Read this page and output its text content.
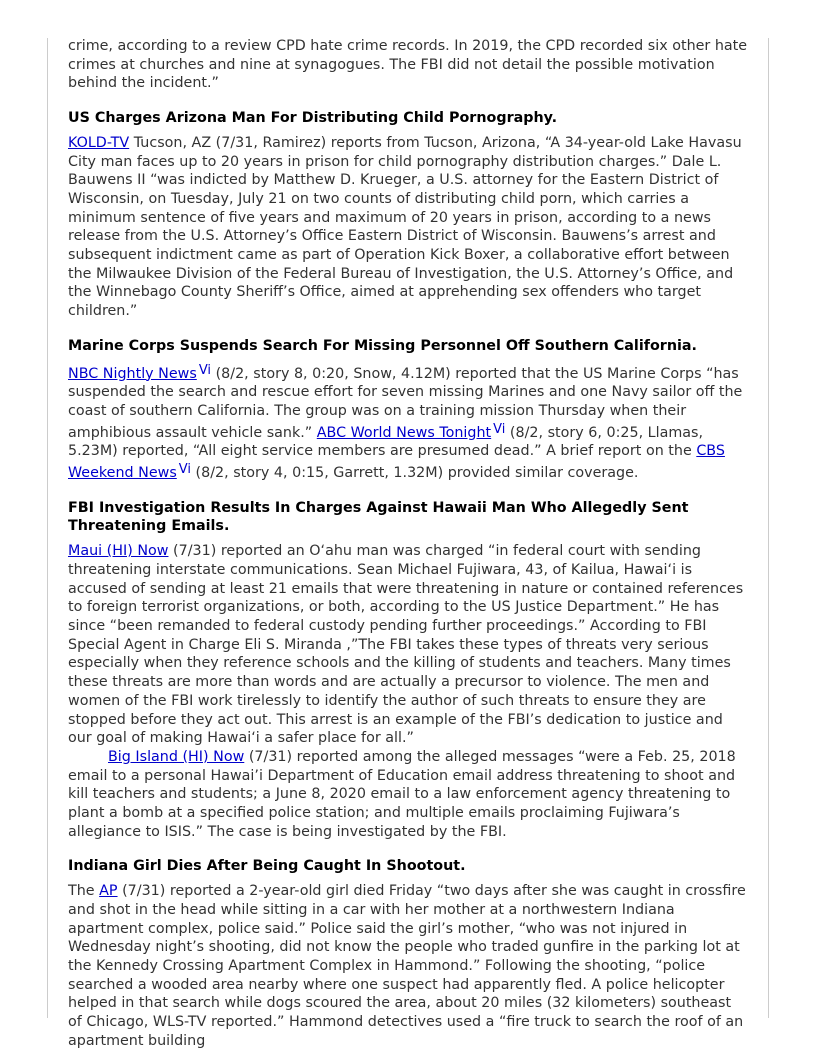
crime, according to a review CPD hate crime records. In 2019, the CPD recorded six other hate crimes at churches and nine at synagogues. The FBI did not detail the possible motivation behind the incident.”

US Charges Arizona Man For Distributing Child Pornography.

KOLD-TV Tucson, AZ (7/31, Ramirez) reports from Tucson, Arizona, “A 34-year-old Lake Havasu City man faces up to 20 years in prison for child pornography distribution charges.” Dale L. Bauwens II “was indicted by Matthew D. Krueger, a U.S. attorney for the Eastern District of Wisconsin, on Tuesday, July 21 on two counts of distributing child porn, which carries a minimum sentence of five years and maximum of 20 years in prison, according to a news release from the U.S. Attorney’s Office Eastern District of Wisconsin. Bauwens’s arrest and subsequent indictment came as part of Operation Kick Boxer, a collaborative effort between the Milwaukee Division of the Federal Bureau of Investigation, the U.S. Attorney’s Office, and the Winnebago County Sheriff’s Office, aimed at apprehending sex offenders who target children.”

Marine Corps Suspends Search For Missing Personnel Off Southern California.

NBC Nightly News Vi (8/2, story 8, 0:20, Snow, 4.12M) reported that the US Marine Corps “has suspended the search and rescue effort for seven missing Marines and one Navy sailor off the coast of southern California. The group was on a training mission Thursday when their amphibious assault vehicle sank.” ABC World News Tonight Vi (8/2, story 6, 0:25, Llamas, 5.23M) reported, “All eight service members are presumed dead.” A brief report on the CBS Weekend News Vi (8/2, story 4, 0:15, Garrett, 1.32M) provided similar coverage.

FBI Investigation Results In Charges Against Hawaii Man Who Allegedly Sent Threatening Emails.

Maui (HI) Now (7/31) reported an O‘ahu man was charged “in federal court with sending threatening interstate communications. Sean Michael Fujiwara, 43, of Kailua, Hawai‘i is accused of sending at least 21 emails that were threatening in nature or contained references to foreign terrorist organizations, or both, according to the US Justice Department.” He has since “been remanded to federal custody pending further proceedings.” According to FBI Special Agent in Charge Eli S. Miranda ,”The FBI takes these types of threats very serious especially when they reference schools and the killing of students and teachers. Many times these threats are more than words and are actually a precursor to violence. The men and women of the FBI work tirelessly to identify the author of such threats to ensure they are stopped before they act out. This arrest is an example of the FBI’s dedication to justice and our goal of making Hawai‘i a safer place for all.”

Big Island (HI) Now (7/31) reported among the alleged messages “were a Feb. 25, 2018 email to a personal Hawai’i Department of Education email address threatening to shoot and kill teachers and students; a June 8, 2020 email to a law enforcement agency threatening to plant a bomb at a specified police station; and multiple emails proclaiming Fujiwara’s allegiance to ISIS.” The case is being investigated by the FBI.

Indiana Girl Dies After Being Caught In Shootout.

The AP (7/31) reported a 2-year-old girl died Friday “two days after she was caught in crossfire and shot in the head while sitting in a car with her mother at a northwestern Indiana apartment complex, police said.” Police said the girl’s mother, “who was not injured in Wednesday night’s shooting, did not know the people who traded gunfire in the parking lot at the Kennedy Crossing Apartment Complex in Hammond.” Following the shooting, “police searched a wooded area nearby where one suspect had apparently fled. A police helicopter helped in that search while dogs scoured the area, about 20 miles (32 kilometers) southeast of Chicago, WLS-TV reported.” Hammond detectives used a “fire truck to search the roof of an apartment building
